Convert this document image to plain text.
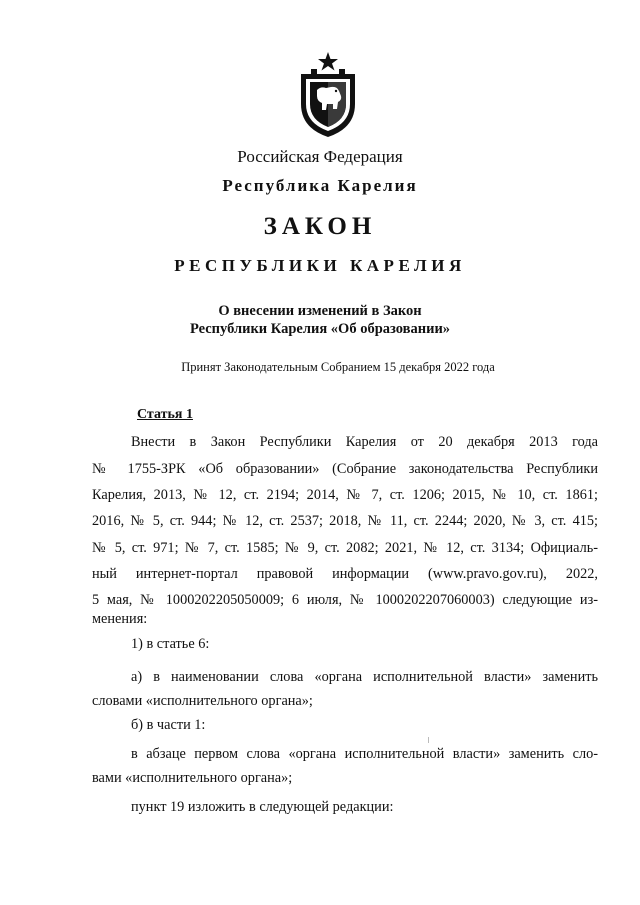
Российская Федерация
Республика Карелия
ЗАКОН
РЕСПУБЛИКИ КАРЕЛИЯ
О внесении изменений в Закон
Республики Карелия «Об образовании»
Принят Законодательным Собранием 15 декабря 2022 года
Статья 1
Внести в Закон Республики Карелия от 20 декабря 2013 года
№ 1755-ЗРК «Об образовании» (Собрание законодательства Республики
Карелия, 2013, № 12, ст. 2194; 2014, № 7, ст. 1206; 2015, № 10, ст. 1861;
2016, № 5, ст. 944; № 12, ст. 2537; 2018, № 11, ст. 2244; 2020, № 3, ст. 415;
№ 5, ст. 971; № 7, ст. 1585; № 9, ст. 2082; 2021, № 12, ст. 3134; Официаль-
ный интернет-портал правовой информации (www.pravo.gov.ru), 2022,
5 мая, № 1000202205050009; 6 июля, № 1000202207060003) следующие из-
менения:
1) в статье 6:
а) в наименовании слова «органа исполнительной власти» заменить
словами «исполнительного органа»;
б) в части 1:
в абзаце первом слова «органа исполнительной власти» заменить сло-
вами «исполнительного органа»;
пункт 19 изложить в следующей редакции:
